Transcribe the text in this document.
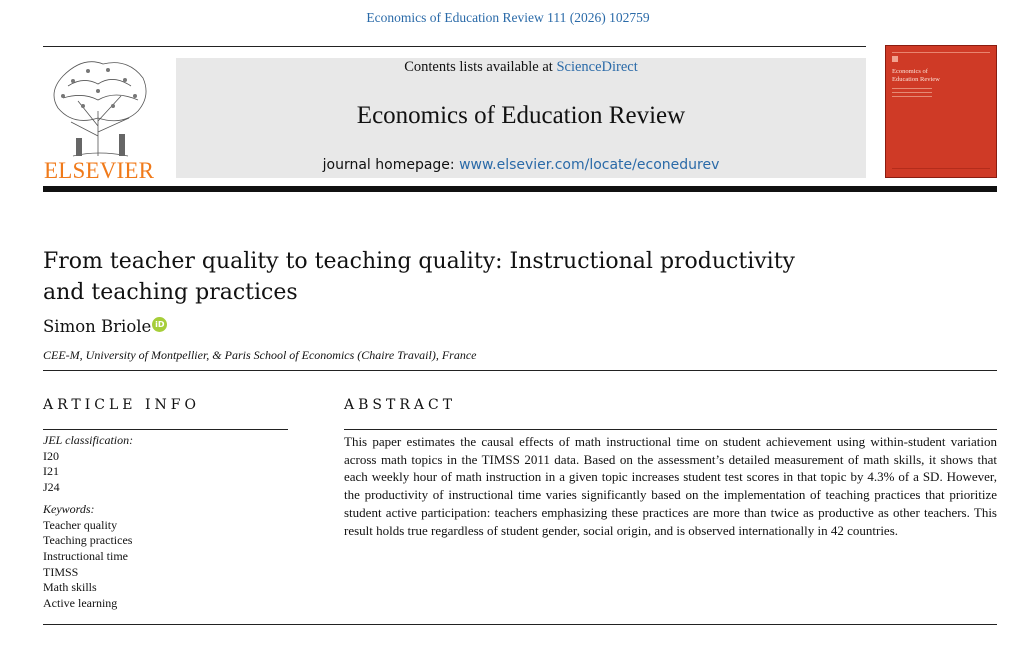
Economics of Education Review 111 (2026) 102759
ELSEVIER
Contents lists available at ScienceDirect
Economics of Education Review
journal homepage: www.elsevier.com/locate/econedurev
Economics of
Education Review
From teacher quality to teaching quality: Instructional productivity and teaching practices
Simon Briole iD
CEE-M, University of Montpellier, & Paris School of Economics (Chaire Travail), France
ARTICLE INFO	ABSTRACT
JEL classification:
I20
I21
J24
Keywords:
Teacher quality
Teaching practices
Instructional time
TIMSS
Math skills
Active learning
This paper estimates the causal effects of math instructional time on student achievement using within-student variation across math topics in the TIMSS 2011 data. Based on the assessment’s detailed measurement of math skills, it shows that each weekly hour of math instruction in a given topic increases student test scores in that topic by 4.3% of a SD. However, the productivity of instructional time varies significantly based on the implementation of teaching practices that prioritize student active participation: teachers emphasizing these practices are more than twice as productive as other teachers. This result holds true regardless of student gender, social origin, and is observed internationally in 42 countries.
